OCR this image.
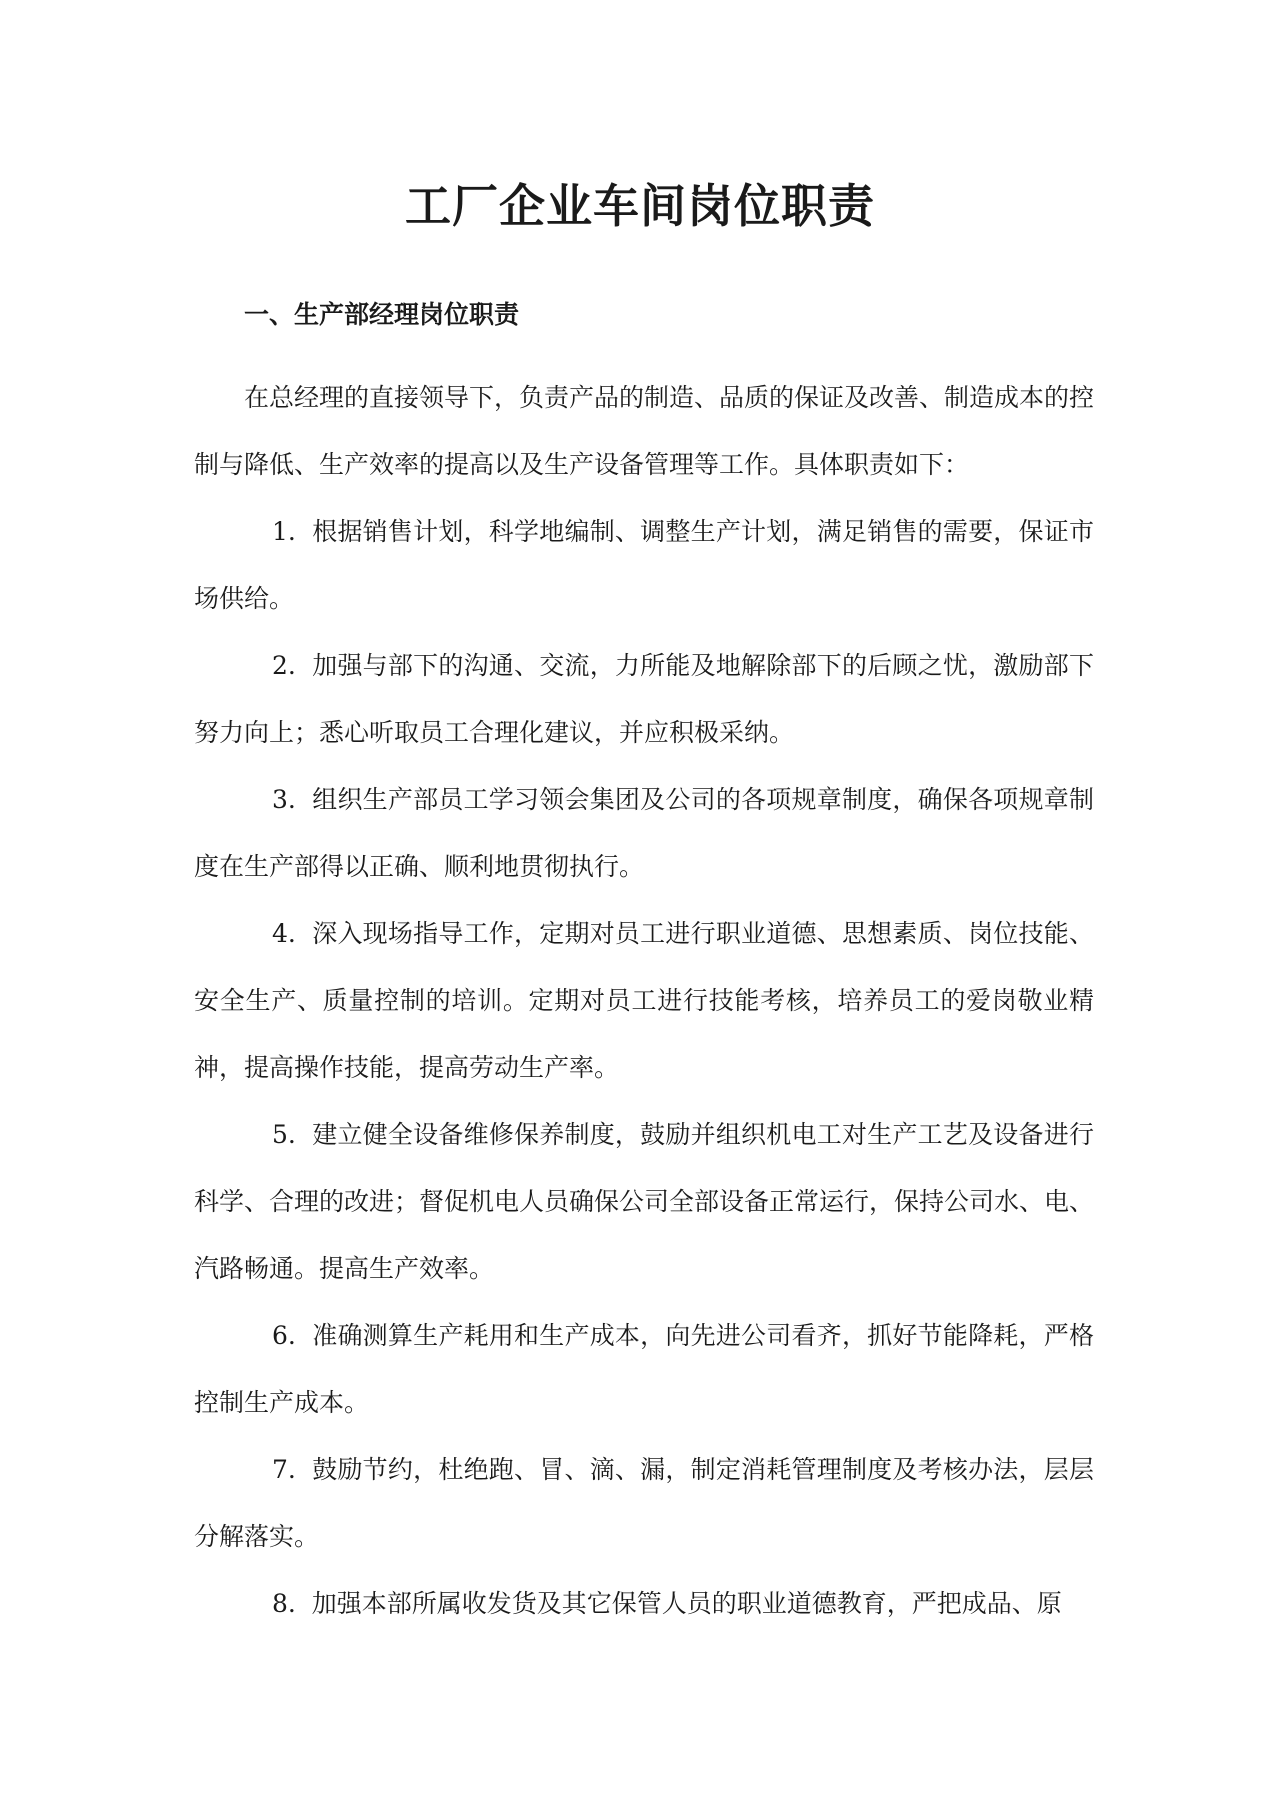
工厂企业车间岗位职责
一、生产部经理岗位职责

在总经理的直接领导下，负责产品的制造、品质的保证及改善、制造成本的控制与降低、生产效率的提高以及生产设备管理等工作。具体职责如下：

1. 根据销售计划，科学地编制、调整生产计划，满足销售的需要，保证市场供给。

2. 加强与部下的沟通、交流，力所能及地解除部下的后顾之忧，激励部下努力向上；悉心听取员工合理化建议，并应积极采纳。

3. 组织生产部员工学习领会集团及公司的各项规章制度，确保各项规章制度在生产部得以正确、顺利地贯彻执行。

4. 深入现场指导工作，定期对员工进行职业道德、思想素质、岗位技能、安全生产、质量控制的培训。定期对员工进行技能考核，培养员工的爱岗敬业精神，提高操作技能，提高劳动生产率。

5. 建立健全设备维修保养制度，鼓励并组织机电工对生产工艺及设备进行科学、合理的改进；督促机电人员确保公司全部设备正常运行，保持公司水、电、汽路畅通。提高生产效率。

6. 准确测算生产耗用和生产成本，向先进公司看齐，抓好节能降耗，严格控制生产成本。

7. 鼓励节约，杜绝跑、冒、滴、漏，制定消耗管理制度及考核办法，层层分解落实。

8. 加强本部所属收发货及其它保管人员的职业道德教育，严把成品、原
